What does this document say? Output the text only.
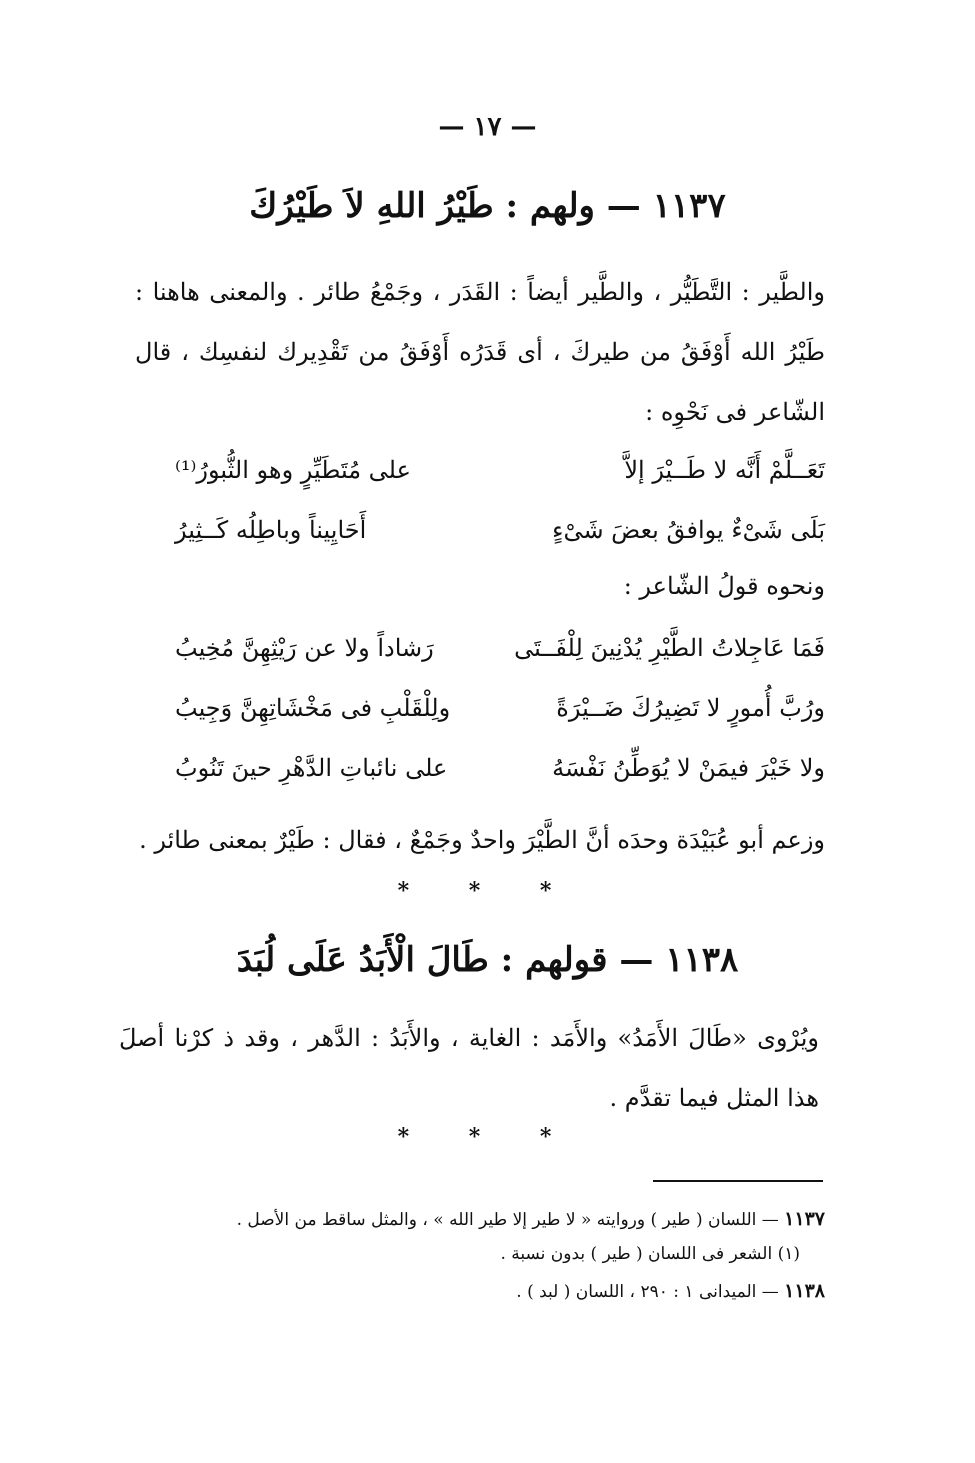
— ١٧ —
١١٣٧ — ولهم : طَيْرُ اللهِ لاَ طَيْرُكَ

والطَّير : التَّطَيُّر ، والطَّير أيضاً : القَدَر ، وجَمْعُ طائر . والمعنى هاهنا : طَيْرُ الله أَوْفَقُ من طيركَ ، أى قَدَرُه أَوْفَقُ من تَقْدِيرك لنفسِك ، قال الشّاعر فى نَحْوِه :

تَعَــلَّمْ أَنَّه لا طَــيْرَ إلاَّ
على مُتَطَيِّرٍ وهو الثُّبورُ⁽¹⁾
بَلَى شَىْءٌ يوافقُ بعضَ شَىْءٍ
أَحَايِيناً وباطِلُه كَــثِيرُ

ونحوه قولُ الشّاعر :

فَمَا عَاجِلاتُ الطَّيْرِ يُدْنِينَ لِلْفَــتَى
رَشاداً ولا عن رَيْثِهِنَّ مُخِيبُ
ورُبَّ أُمورٍ لا تَضِيرُكَ ضَــيْرَةً
ولِلْقَلْبِ فى مَخْشَاتِهِنَّ وَجِيبُ
ولا خَيْرَ فيمَنْ لا يُوَطِّنُ نَفْسَهُ
على نائباتِ الدَّهْرِ حينَ تَنُوبُ

وزعم أبو عُبَيْدَة وحدَه أنَّ الطَّيْرَ واحدٌ وجَمْعٌ ، فقال : طَيْرٌ بمعنى طائر .

* * *
١١٣٨ — قولهم : طَالَ الْأَبَدُ عَلَى لُبَدَ

ويُرْوى «طَالَ الأَمَدُ» والأَمَد : الغاية ، والأَبَدُ : الدَّهر ، وقد ذ كرْنا أصلَ هذا المثل فيما تقدَّم .

* * *
١١٣٧ — اللسان ( طير ) وروايته « لا طير إلا طير الله » ، والمثل ساقط من الأصل .
(١) الشعر فى اللسان ( طير ) بدون نسبة .
١١٣٨ — الميدانى ١ : ٢٩٠ ، اللسان ( لبد ) .
